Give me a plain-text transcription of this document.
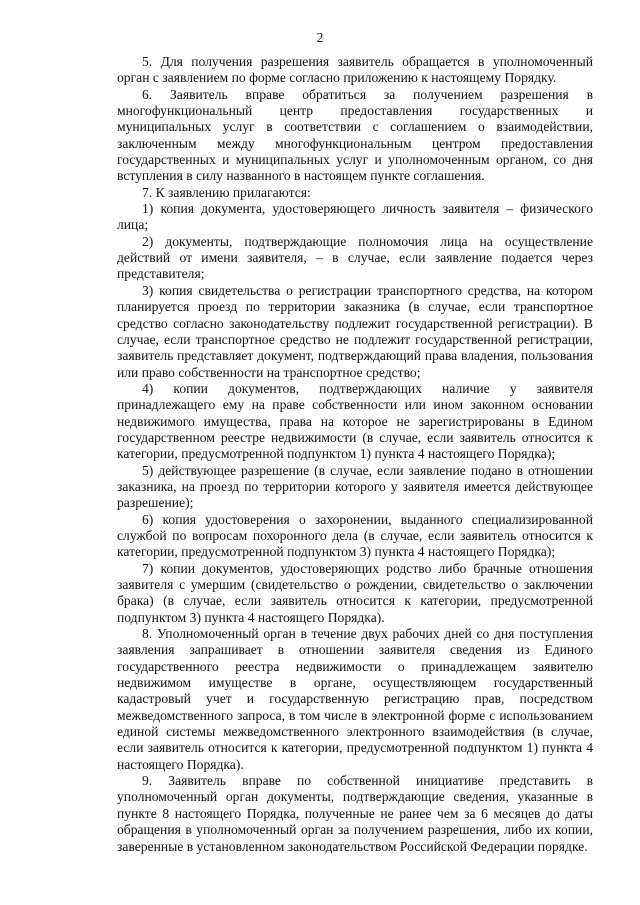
2

5. Для получения разрешения заявитель обращается в уполномоченный орган с заявлением по форме согласно приложению к настоящему Порядку.

6. Заявитель вправе обратиться за получением разрешения в многофункциональный центр предоставления государственных и муниципальных услуг в соответствии с соглашением о взаимодействии, заключенным между многофункциональным центром предоставления государственных и муниципальных услуг и уполномоченным органом, со дня вступления в силу названного в настоящем пункте соглашения.

7. К заявлению прилагаются:

1) копия документа, удостоверяющего личность заявителя – физического лица;

2) документы, подтверждающие полномочия лица на осуществление действий от имени заявителя, – в случае, если заявление подается через представителя;

3) копия свидетельства о регистрации транспортного средства, на котором планируется проезд по территории заказника (в случае, если транспортное средство согласно законодательству подлежит государственной регистрации). В случае, если транспортное средство не подлежит государственной регистрации, заявитель представляет документ, подтверждающий права владения, пользования или право собственности на транспортное средство;

4) копии документов, подтверждающих наличие у заявителя принадлежащего ему на праве собственности или ином законном основании недвижимого имущества, права на которое не зарегистрированы в Едином государственном реестре недвижимости (в случае, если заявитель относится к категории, предусмотренной подпунктом 1) пункта 4 настоящего Порядка);

5) действующее разрешение (в случае, если заявление подано в отношении заказника, на проезд по территории которого у заявителя имеется действующее разрешение);

6) копия удостоверения о захоронении, выданного специализированной службой по вопросам похоронного дела (в случае, если заявитель относится к категории, предусмотренной подпунктом 3) пункта 4 настоящего Порядка);

7) копии документов, удостоверяющих родство либо брачные отношения заявителя с умершим (свидетельство о рождении, свидетельство о заключении брака) (в случае, если заявитель относится к категории, предусмотренной подпунктом 3) пункта 4 настоящего Порядка).

8. Уполномоченный орган в течение двух рабочих дней со дня поступления заявления запрашивает в отношении заявителя сведения из Единого государственного реестра недвижимости о принадлежащем заявителю недвижимом имуществе в органе, осуществляющем государственный кадастровый учет и государственную регистрацию прав, посредством межведомственного запроса, в том числе в электронной форме с использованием единой системы межведомственного электронного взаимодействия (в случае, если заявитель относится к категории, предусмотренной подпунктом 1) пункта 4 настоящего Порядка).

9. Заявитель вправе по собственной инициативе представить в уполномоченный орган документы, подтверждающие сведения, указанные в пункте 8 настоящего Порядка, полученные не ранее чем за 6 месяцев до даты обращения в уполномоченный орган за получением разрешения, либо их копии, заверенные в установленном законодательством Российской Федерации порядке.
